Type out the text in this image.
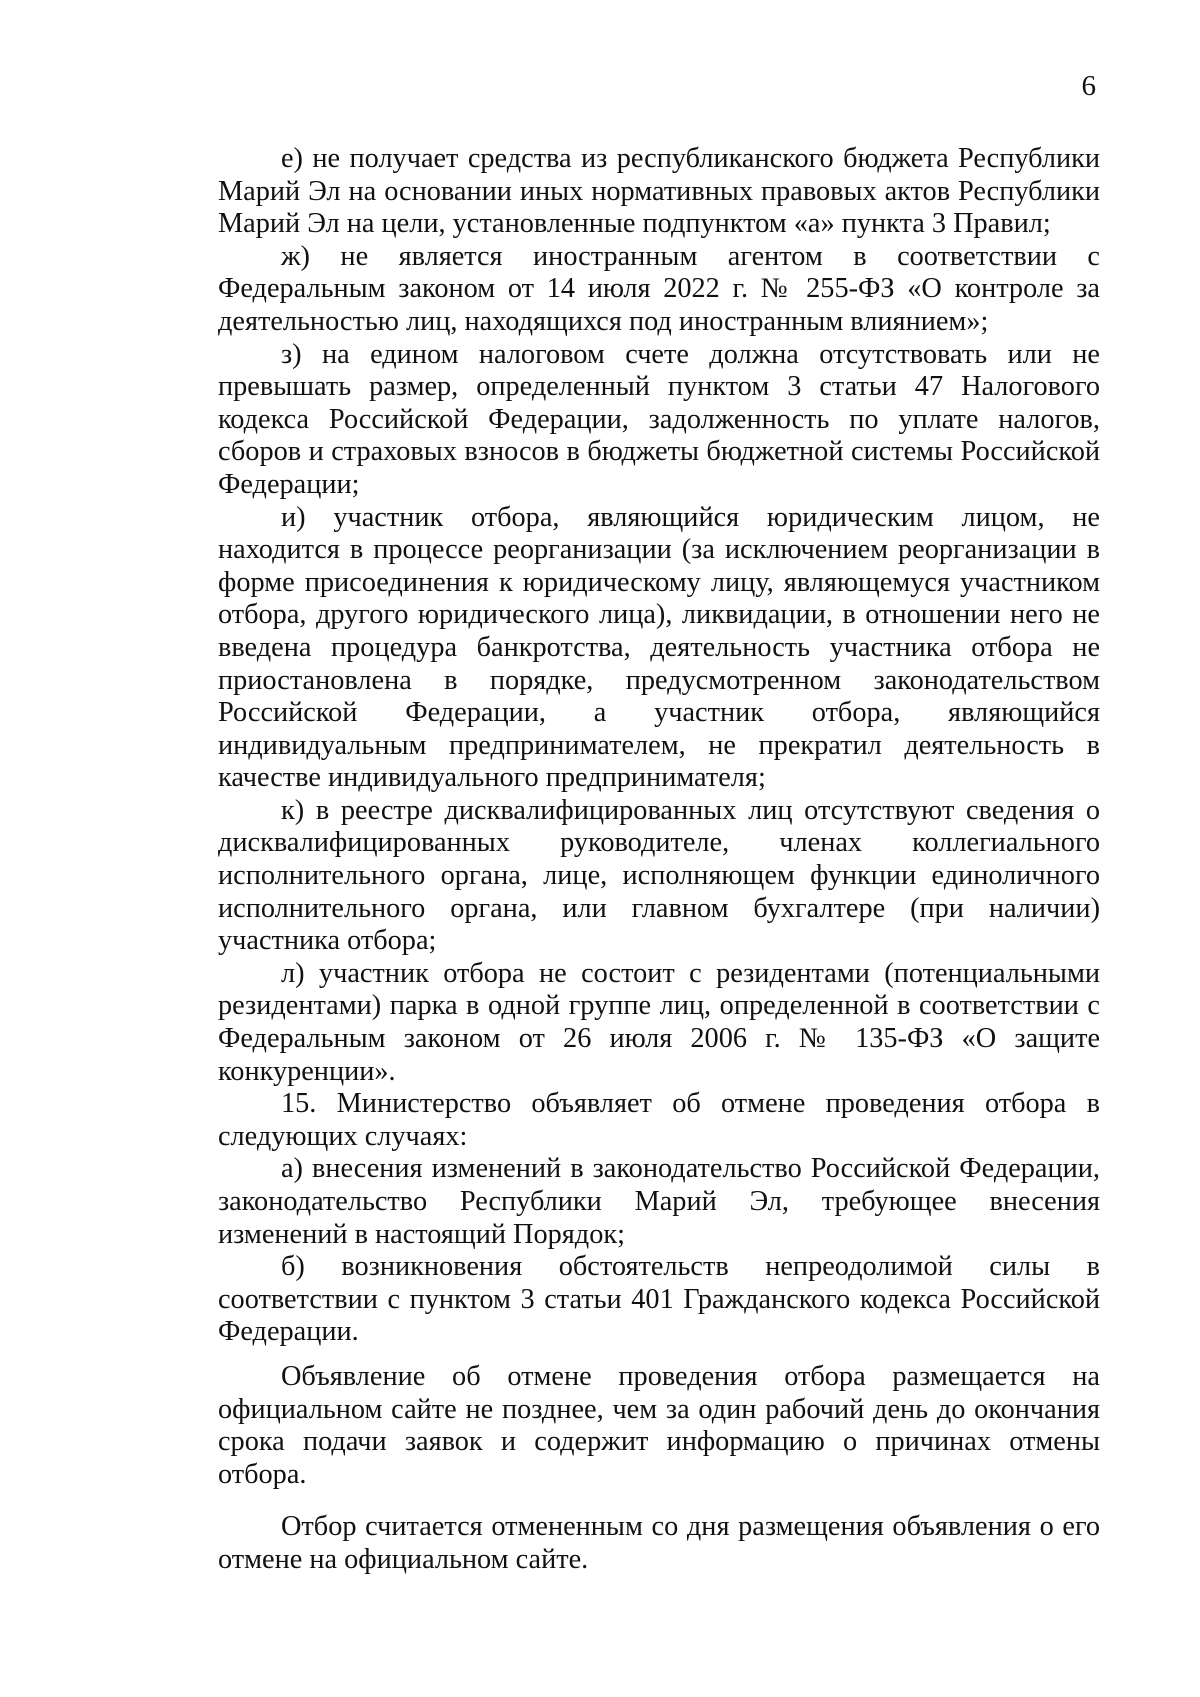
6

е) не получает средства из республиканского бюджета Республики Марий Эл на основании иных нормативных правовых актов Республики Марий Эл на цели, установленные подпунктом «а» пункта 3 Правил;

ж) не является иностранным агентом в соответствии с Федеральным законом от 14 июля 2022 г. № 255-ФЗ «О контроле за деятельностью лиц, находящихся под иностранным влиянием»;

з) на едином налоговом счете должна отсутствовать или не превышать размер, определенный пунктом 3 статьи 47 Налогового кодекса Российской Федерации, задолженность по уплате налогов, сборов и страховых взносов в бюджеты бюджетной системы Российской Федерации;

и) участник отбора, являющийся юридическим лицом, не находится в процессе реорганизации (за исключением реорганизации в форме присоединения к юридическому лицу, являющемуся участником отбора, другого юридического лица), ликвидации, в отношении него не введена процедура банкротства, деятельность участника отбора не приостановлена в порядке, предусмотренном законодательством Российской Федерации, а участник отбора, являющийся индивидуальным предпринимателем, не прекратил деятельность в качестве индивидуального предпринимателя;

к) в реестре дисквалифицированных лиц отсутствуют сведения о дисквалифицированных руководителе, членах коллегиального исполнительного органа, лице, исполняющем функции единоличного исполнительного органа, или главном бухгалтере (при наличии) участника отбора;

л) участник отбора не состоит с резидентами (потенциальными резидентами) парка в одной группе лиц, определенной в соответствии с Федеральным законом от 26 июля 2006 г. № 135-ФЗ «О защите конкуренции».

15. Министерство объявляет об отмене проведения отбора в следующих случаях:

а) внесения изменений в законодательство Российской Федерации, законодательство Республики Марий Эл, требующее внесения изменений в настоящий Порядок;

б) возникновения обстоятельств непреодолимой силы в соответствии с пунктом 3 статьи 401 Гражданского кодекса Российской Федерации.

Объявление об отмене проведения отбора размещается на официальном сайте не позднее, чем за один рабочий день до окончания срока подачи заявок и содержит информацию о причинах отмены отбора.

Отбор считается отмененным со дня размещения объявления о его отмене на официальном сайте.
